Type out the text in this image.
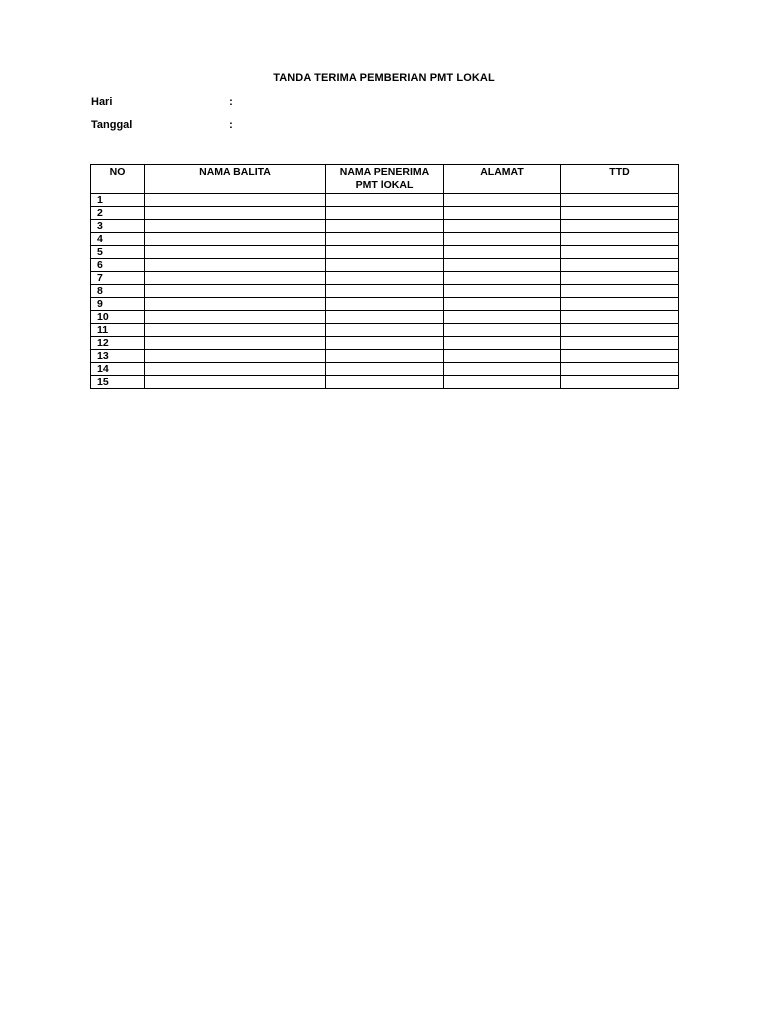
TANDA TERIMA PEMBERIAN PMT LOKAL
Hari	:
Tanggal	:
NO	NAMA BALITA	NAMA PENERIMA PMT lOKAL	ALAMAT	TTD
1				
2				
3				
4				
5				
6				
7				
8				
9				
10				
11				
12				
13				
14				
15				
